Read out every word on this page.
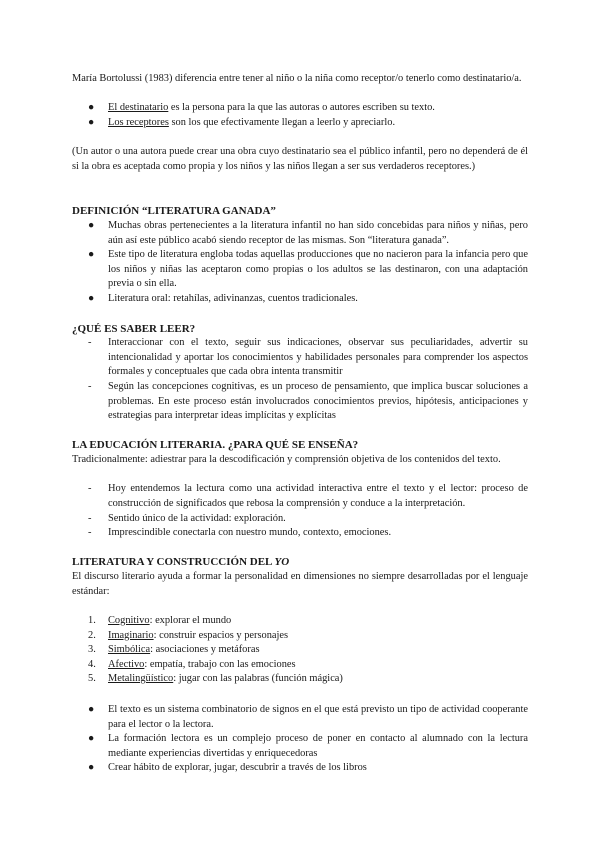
María Bortolussi (1983) diferencia entre tener al niño o la niña como receptor/o tenerlo como destinatario/a.

●	El destinatario es la persona para la que las autoras o autores escriben su texto.

●	Los receptores son los que efectivamente llegan a leerlo y apreciarlo.

(Un autor o una autora puede crear una obra cuyo destinatario sea el público infantil, pero no dependerá de él si la obra es aceptada como propia y los niños y las niños llegan a ser sus verdaderos receptores.)

DEFINICIÓN “LITERATURA GANADA”
●	Muchas obras pertenecientes a la literatura infantil no han sido concebidas para niños y niñas, pero aún así este público acabó siendo receptor de las mismas. Son “literatura ganada”.

●	Este tipo de literatura engloba todas aquellas producciones que no nacieron para la infancia pero que los niños y niñas las aceptaron como propias o los adultos se las destinaron, con una adaptación previa o sin ella.

●	Literatura oral: retahílas, adivinanzas, cuentos tradicionales.

¿QUÉ ES SABER LEER?
-	Interaccionar con el texto, seguir sus indicaciones, observar sus peculiaridades, advertir su intencionalidad y aportar los conocimientos y habilidades personales para comprender los aspectos formales y conceptuales que cada obra intenta transmitir

-	Según las concepciones cognitivas, es un proceso de pensamiento, que implica buscar soluciones a problemas. En este proceso están involucrados conocimientos previos, hipótesis, anticipaciones y estrategias para interpretar ideas implícitas y explícitas

LA EDUCACIÓN LITERARIA. ¿PARA QUÉ SE ENSEÑA?

Tradicionalmente: adiestrar para la descodificación y comprensión objetiva de los contenidos del texto.

-	Hoy entendemos la lectura como una actividad interactiva entre el texto y el lector: proceso de construcción de significados que rebosa la comprensión y conduce a la interpretación.

-	Sentido único de la actividad: exploración.

-	Imprescindible conectarla con nuestro mundo, contexto, emociones.

LITERATURA Y CONSTRUCCIÓN DEL YO

El discurso literario ayuda a formar la personalidad en dimensiones no siempre desarrolladas por el lenguaje estándar:

1.	Cognitivo: explorar el mundo

2.	Imaginario: construir espacios y personajes

3.	Simbólica: asociaciones y metáforas

4.	Afectivo: empatía, trabajo con las emociones

5.	Metalingüístico: jugar con las palabras (función mágica)

●	El texto es un sistema combinatorio de signos en el que está previsto un tipo de actividad cooperante para el lector o la lectora.

●	La formación lectora es un complejo proceso de poner en contacto al alumnado con la lectura mediante experiencias divertidas y enriquecedoras

●	Crear hábito de explorar, jugar, descubrir a través de los libros
